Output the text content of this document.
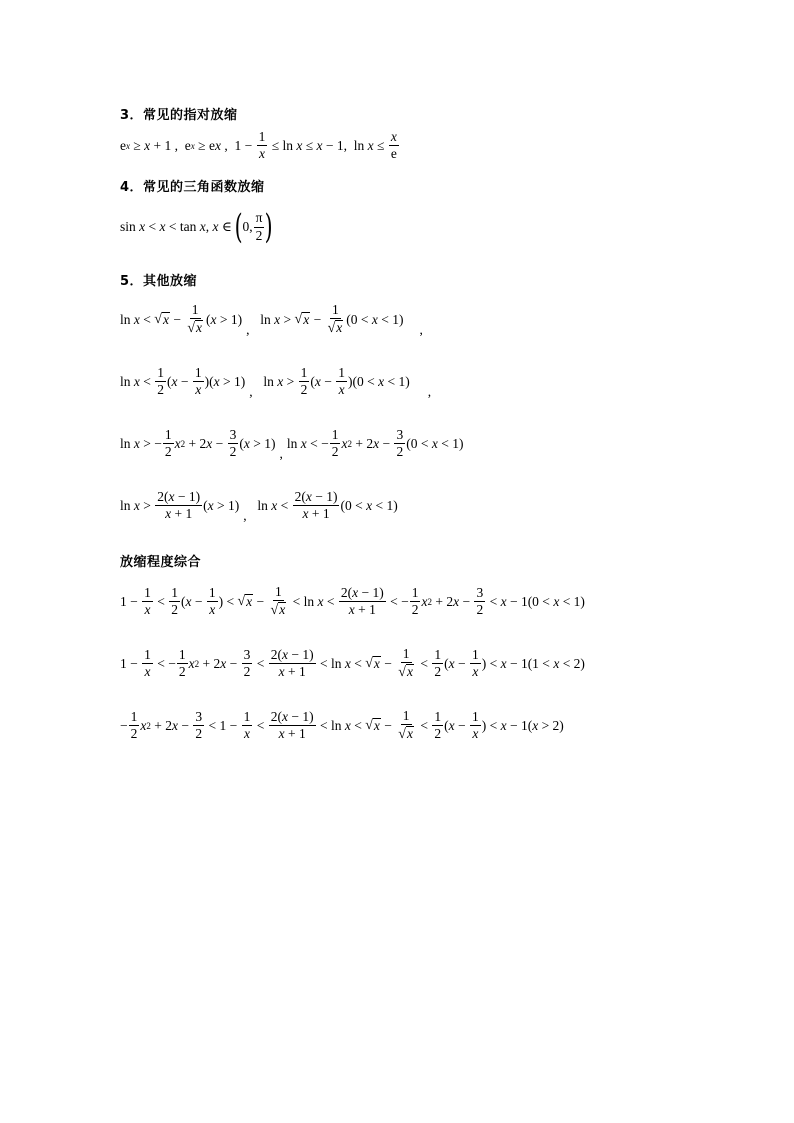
3．常见的指对放缩
e x ≥ x + 1 ,  e x ≥ e x ,  1 −
1
x
≤ ln x ≤ x − 1,  ln x ≤
x
e
4．常见的三角函数放缩
sin x < x < tan x , x ∈ ( 0,
π
2 )
5．其他放缩
ln x < √ x −
1
√ x
( x > 1)
,
ln x > √ x −
1
√ x
(0 < x < 1)
,
ln x <
1
2
( x −
1
x
)( x > 1)
,
ln x >
1
2
( x −
1
x
)(0 < x < 1)
,
ln x > −
1
2
x 2 + 2 x −
3
2
( x > 1)
,
ln x < −
1
2
x 2 + 2 x −
3
2
(0 < x < 1)
ln x >
2(x − 1)
x + 1
( x > 1)
,
ln x <
2(x − 1)
x + 1
(0 < x < 1)
放缩程度综合
1 −
1
x
<
1
2
( x −
1
x
) < √ x −
1
√ x
< ln x <
2(x − 1)
x + 1
< −
1
2
x 2 + 2 x −
3
2
< x − 1(0 < x < 1)
1 −
1
x
< −
1
2
x 2 + 2 x −
3
2
<
2(x − 1)
x + 1
< ln x < √ x −
1
√ x
<
1
2
( x −
1
x
) < x − 1(1 < x < 2)
−
1
2
x 2 + 2 x −
3
2
< 1 −
1
x
<
2(x − 1)
x + 1
< ln x < √ x −
1
√ x
<
1
2
( x −
1
x
) < x − 1( x > 2)
